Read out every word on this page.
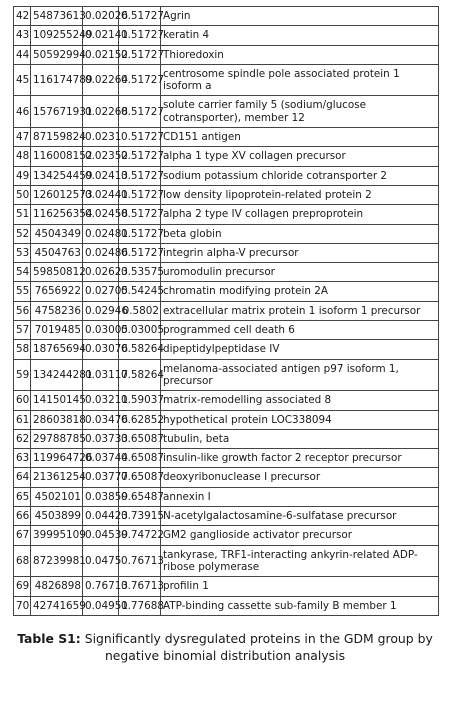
42	54873613	0.02026	0.51727	Agrin
43	109255249	0.02141	0.51727	keratin 4
44	50592994	0.02152	0.51727	Thioredoxin
45	116174789	0.02264	0.51727	centrosome spindle pole associated protein 1 isoform a
46	157671931	0.02268	0.51727	solute carrier family 5 (sodium/glucose cotransporter), member 12
47	87159824	0.0231	0.51727	CD151 antigen
48	116008152	0.02352	0.51727	alpha 1 type XV collagen precursor
49	134254459	0.02413	0.51727	sodium potassium chloride cotransporter 2
50	126012573	0.02441	0.51727	low density lipoprotein-related protein 2
51	116256354	0.02458	0.51727	alpha 2 type IV collagen preproprotein
52	4504349	0.02481	0.51727	beta globin
53	4504763	0.02486	0.51727	integrin alpha-V precursor
54	59850812	0.02623	0.53575	uromodulin precursor
55	7656922	0.02705	0.54245	chromatin modifying protein 2A
56	4758236	0.02946	0.5802	extracellular matrix protein 1 isoform 1 precursor
57	7019485	0.03005	0.03005	programmed cell death 6
58	18765694	0.03076	0.58264	dipeptidylpeptidase IV
59	134244281	0.03117	0.58264	melanoma-associated antigen p97 isoform 1, precursor
60	14150145	0.03211	0.59037	matrix-remodelling associated 8
61	28603818	0.03476	0.62852	hypothetical protein LOC338094
62	29788785	0.03733	0.65087	tubulin, beta
63	119964726	0.03744	0.65087	insulin-like growth factor 2 receptor precursor
64	21361254	0.03777	0.65087	deoxyribonuclease I precursor
65	4502101	0.03859	0.65487	annexin I
66	4503899	0.04423	0.73915	N-acetylgalactosamine-6-sulfatase precursor
67	39995109	0.04539	0.74722	GM2 ganglioside activator precursor
68	87239981	0.0475	0.76713	tankyrase, TRF1-interacting ankyrin-related ADP-ribose polymerase
69	4826898	0.76713	0.76713	profilin 1
70	42741659	0.04951	0.77688	ATP-binding cassette sub-family B member 1
Table S1: Significantly dysregulated proteins in the GDM group by negative binomial distribution analysis
